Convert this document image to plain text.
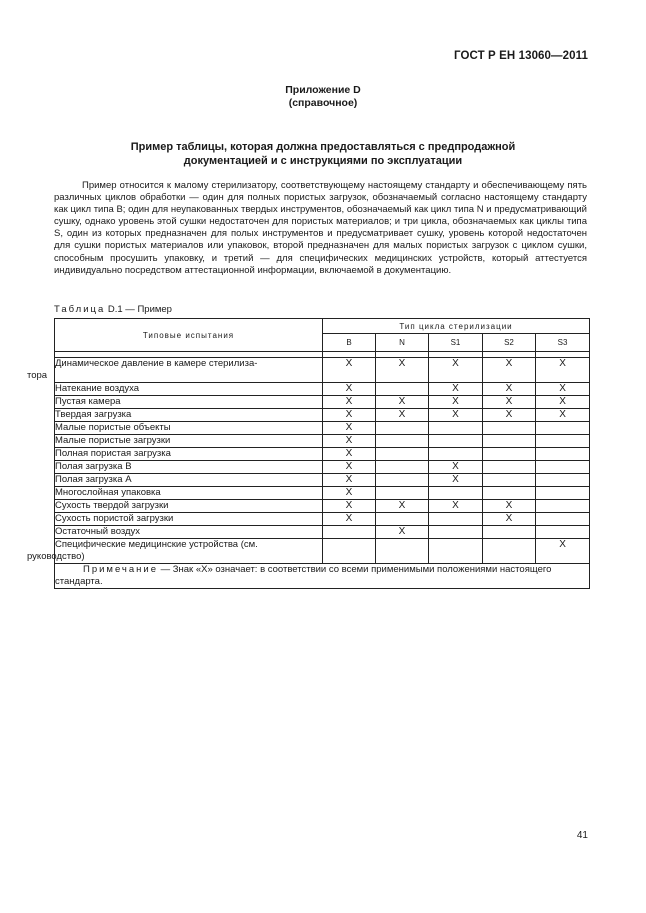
ГОСТ Р ЕН 13060—2011
Приложение D
(справочное)
Пример таблицы, которая должна предоставляться с предпродажной
документацией и с инструкциями по эксплуатации

Пример относится к малому стерилизатору, соответствующему настоящему стандарту и обеспечивающему пять различных циклов обработки — один для полных пористых загрузок, обозначаемый согласно настоящему стандарту как цикл типа B; один для неупакованных твердых инструментов, обозначаемый как цикл типа N и предусматривающий сушку, однако уровень этой сушки недостаточен для пористых материалов; и три цикла, обозначаемых как циклы типа S, один из которых предназначен для полых инструментов и предусматривает сушку, уровень которой недостаточен для сушки пористых материалов или упаковок, второй предназначен для малых пористых загрузок с циклом сушки, способным просушить упаковку, и третий — для специфических медицинских устройств, который аттестуется индивидуально посредством аттестационной информации, включаемой в документацию.

Таблица D.1 — Пример
Типовые испытания	Тип цикла стерилизации				
	B	N	S1	S2	S3

Динамическое давление в камере стерилиза-
тора	X	X	X	X	X
Натекание воздуха	X		X	X	X
Пустая камера	X	X	X	X	X
Твердая загрузка	X	X	X	X	X
Малые пористые объекты	X				
Малые пористые загрузки	X				
Полная пористая загрузка	X				
Полая загрузка B	X		X		
Полая загрузка A	X		X		
Многослойная упаковка	X				
Сухость твердой загрузки	X	X	X	X	
Сухость пористой загрузки	X			X	
Остаточный воздух		X			
Специфические медицинские устройства (см.
руководство)					X
Примечание — Знак «X» означает: в соответствии со всеми применимыми положениями настоящего стандарта.					
41
